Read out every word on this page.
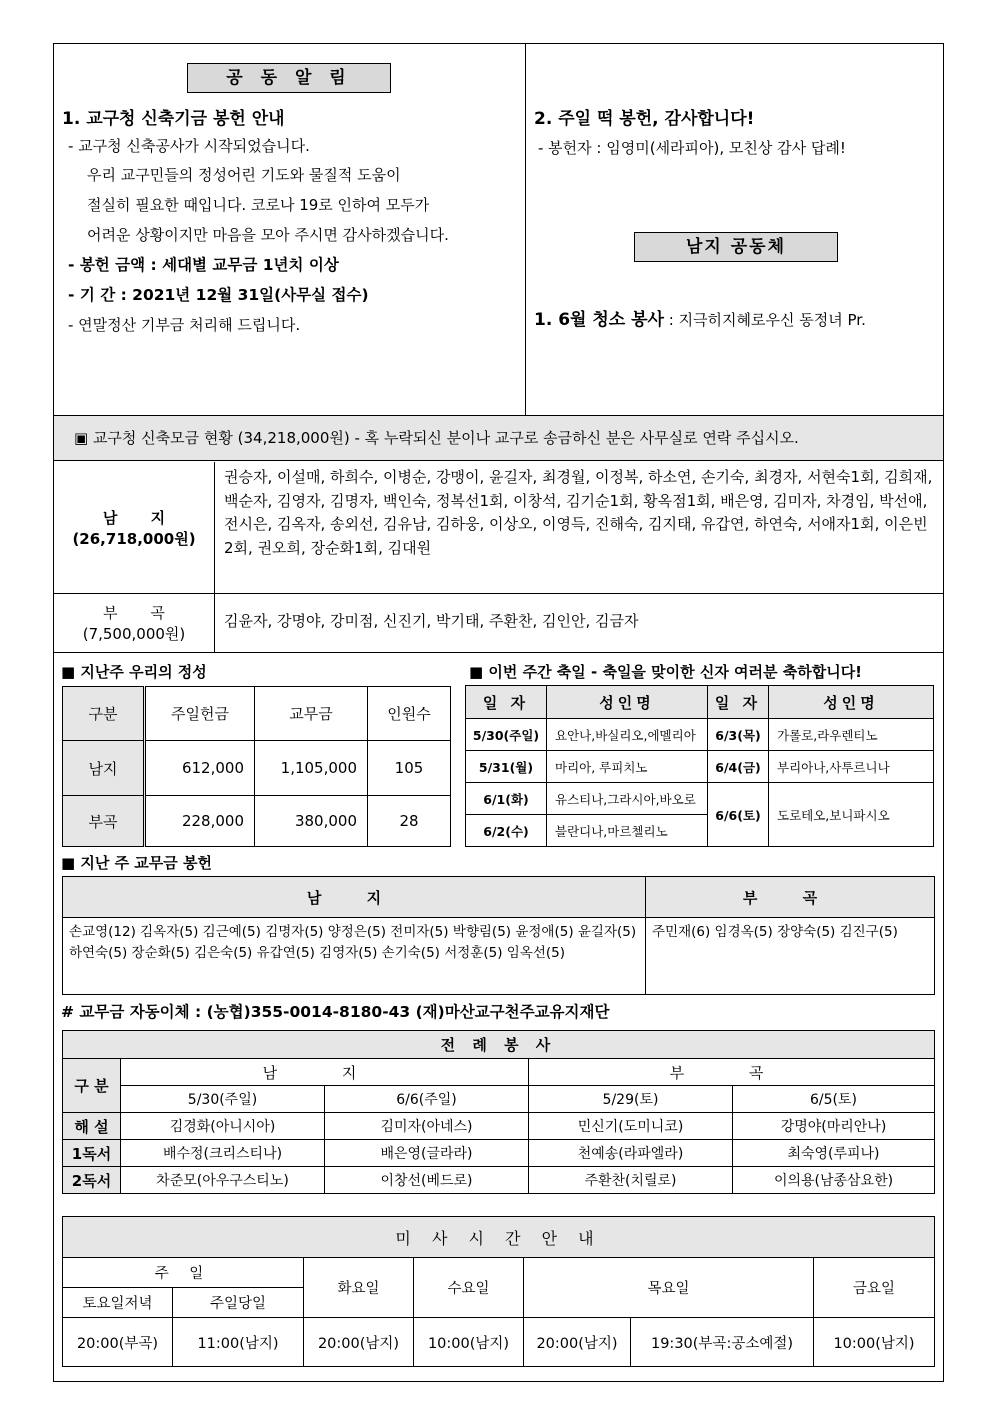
공 동 알 림
1. 교구청 신축기금 봉헌 안내
- 교구청 신축공사가 시작되었습니다.
우리 교구민들의 정성어린 기도와 물질적 도움이
절실히 필요한 때입니다. 코로나 19로 인하여 모두가
어려운 상황이지만 마음을 모아 주시면 감사하겠습니다.
- 봉헌 금액 : 세대별 교무금 1년치 이상
- 기 간 : 2021년 12월 31일(사무실 접수)
- 연말정산 기부금 처리해 드립니다.
2. 주일 떡 봉헌, 감사합니다!
- 봉헌자 : 임영미(세라피아), 모친상 감사 답례!
남지 공동체
1. 6월 청소 봉사 : 지극히지혜로우신 동정녀 Pr.
▣ 교구청 신축모금 현황 (34,218,000원) - 혹 누락되신 분이나 교구로 송금하신 분은 사무실로 연락 주십시오.
남 지
(26,718,000원)
권승자, 이설매, 하희수, 이병순, 강맹이, 윤길자, 최경월, 이정복, 하소연, 손기숙, 최경자, 서현숙1회, 김희재, 백순자, 김영자, 김명자, 백인숙, 정복선1회, 이창석, 김기순1회, 황옥점1회, 배은영, 김미자, 차경임, 박선애, 전시은, 김옥자, 송외선, 김유남, 김하웅, 이상오, 이영득, 진해숙, 김지태, 유갑연, 하연숙, 서애자1회, 이은빈2회, 권오희, 장순화1회, 김대원
부 곡
(7,500,000원)
김윤자, 강명야, 강미점, 신진기, 박기태, 주환찬, 김인안, 김금자
■ 지난주 우리의 정성
구분	주일헌금	교무금	인원수
남지	612,000	1,105,000	105
부곡	228,000	380,000	28
■ 이번 주간 축일 - 축일을 맞이한 신자 여러분 축하합니다!
일 자	성인명	일 자	성인명
5/30(주일)	요안나,바실리오,에멜리아	6/3(목)	가롤로,라우렌티노
5/31(월)	마리아, 루피치노	6/4(금)	부리아나,사투르니나
6/1(화)	유스티나,그라시아,바오로	6/6(토)	도로테오,보니파시오
6/2(수)	블란디나,마르첼리노		
■ 지난 주 교무금 봉헌
남 지	부 곡
손교영(12) 김옥자(5) 김근예(5) 김명자(5) 양정은(5) 전미자(5) 박향림(5) 윤정애(5) 윤길자(5) 하연숙(5) 장순화(5) 김은숙(5) 유갑연(5) 김영자(5) 손기숙(5) 서정훈(5) 임옥선(5)	주민재(6) 임경옥(5) 장양숙(5) 김진구(5)
# 교무금 자동이체 : (농협)355-0014-8180-43 (재)마산교구천주교유지재단
전 례 봉 사				
구 분	남 지		부 곡	
	5/30(주일)	6/6(주일)	5/29(토)	6/5(토)
해 설	김경화(아니시아)	김미자(아네스)	민신기(도미니코)	강명야(마리안나)
1독서	배수정(크리스티나)	배은영(글라라)	천예송(라파엘라)	최숙영(루피나)
2독서	차준모(아우구스티노)	이창선(베드로)	주환찬(치릴로)	이의용(남종삼요한)
미 사 시 간 안 내						
주 일		화요일	수요일	목요일		금요일
토요일저녁	주일당일					
20:00(부곡)	11:00(남지)	20:00(남지)	10:00(남지)	20:00(남지)	19:30(부곡:공소예절)	10:00(남지)
